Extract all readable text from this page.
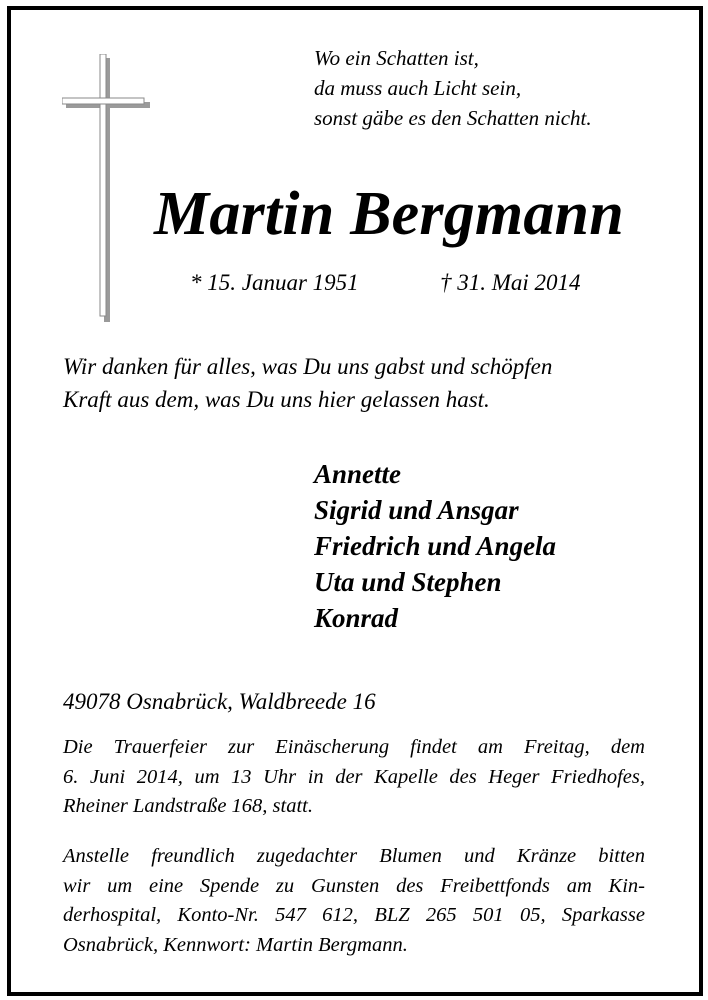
Wo ein Schatten ist,
da muss auch Licht sein,
sonst gäbe es den Schatten nicht.
Martin Bergmann
* 15. Januar 1951	† 31. Mai 2014
Wir danken für alles, was Du uns gabst und schöpfen
Kraft aus dem, was Du uns hier gelassen hast.
Annette
Sigrid und Ansgar
Friedrich und Angela
Uta und Stephen
Konrad
49078 Osnabrück, Waldbreede 16
Die Trauerfeier zur Einäscherung findet am Freitag, dem
6. Juni 2014, um 13 Uhr in der Kapelle des Heger Friedhofes,
Rheiner Landstraße 168, statt.
Anstelle freundlich zugedachter Blumen und Kränze bitten
wir um eine Spende zu Gunsten des Freibettfonds am Kin-
derhospital, Konto-Nr. 547 612, BLZ 265 501 05, Sparkasse
Osnabrück, Kennwort: Martin Bergmann.
